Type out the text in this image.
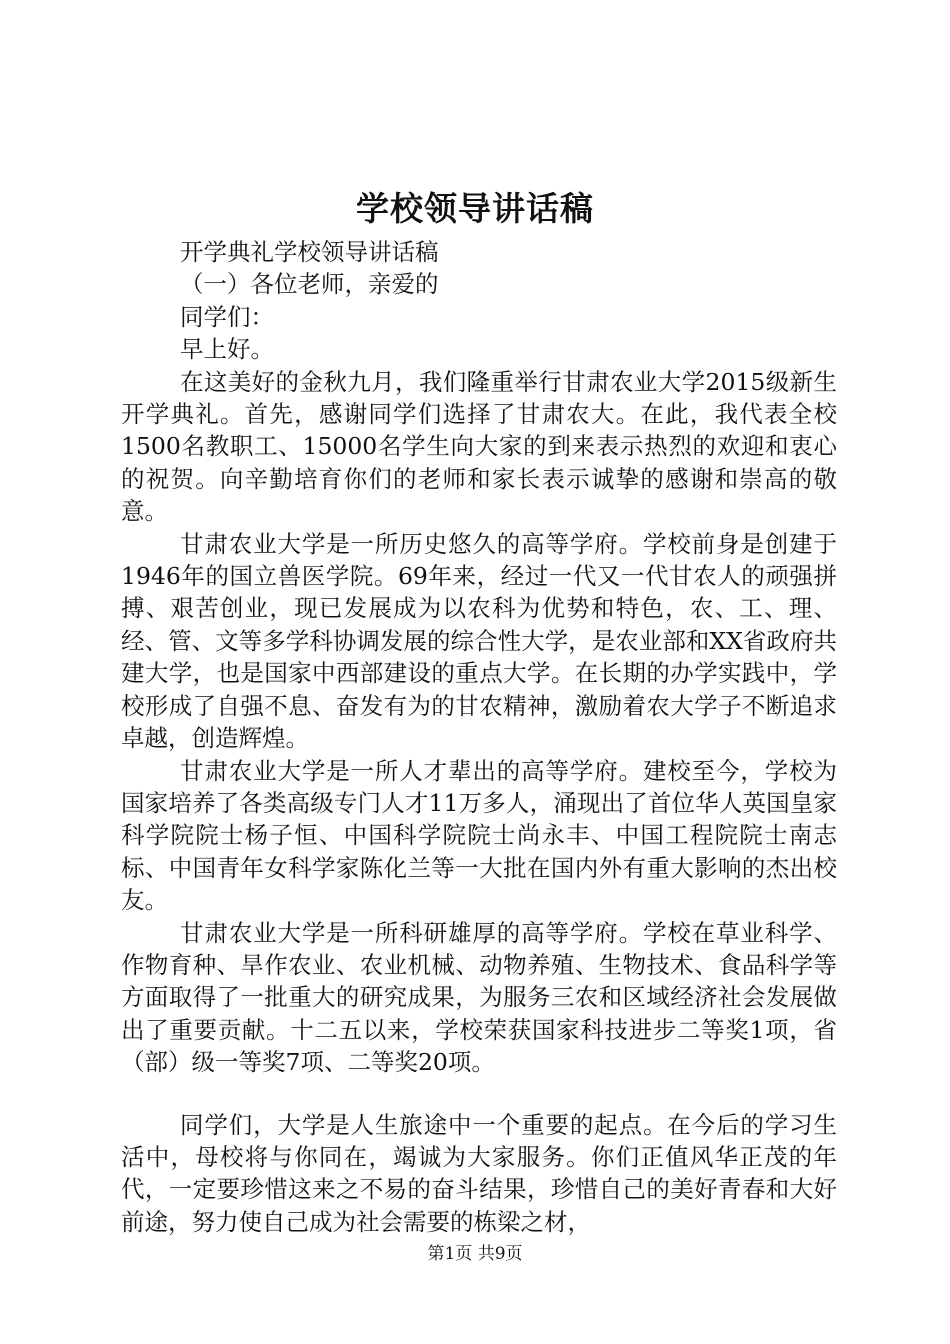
学校领导讲话稿

开学典礼学校领导讲话稿

（一）各位老师，亲爱的

同学们：

早上好。

在这美好的金秋九月，我们隆重举行甘肃农业大学2015级新生开学典礼。首先，感谢同学们选择了甘肃农大。在此，我代表全校1500名教职工、15000名学生向大家的到来表示热烈的欢迎和衷心的祝贺。向辛勤培育你们的老师和家长表示诚挚的感谢和崇高的敬意。

甘肃农业大学是一所历史悠久的高等学府。学校前身是创建于1946年的国立兽医学院。69年来，经过一代又一代甘农人的顽强拼搏、艰苦创业，现已发展成为以农科为优势和特色，农、工、理、经、管、文等多学科协调发展的综合性大学，是农业部和XX省政府共建大学，也是国家中西部建设的重点大学。在长期的办学实践中，学校形成了自强不息、奋发有为的甘农精神，激励着农大学子不断追求卓越，创造辉煌。

甘肃农业大学是一所人才辈出的高等学府。建校至今，学校为国家培养了各类高级专门人才11万多人，涌现出了首位华人英国皇家科学院院士杨子恒、中国科学院院士尚永丰、中国工程院院士南志标、中国青年女科学家陈化兰等一大批在国内外有重大影响的杰出校友。

甘肃农业大学是一所科研雄厚的高等学府。学校在草业科学、作物育种、旱作农业、农业机械、动物养殖、生物技术、食品科学等方面取得了一批重大的研究成果，为服务三农和区域经济社会发展做出了重要贡献。十二五以来，学校荣获国家科技进步二等奖1项，省（部）级一等奖7项、二等奖20项。

同学们，大学是人生旅途中一个重要的起点。在今后的学习生活中，母校将与你同在，竭诚为大家服务。你们正值风华正茂的年代，一定要珍惜这来之不易的奋斗结果，珍惜自己的美好青春和大好前途，努力使自己成为社会需要的栋梁之材，

第1页 共9页
